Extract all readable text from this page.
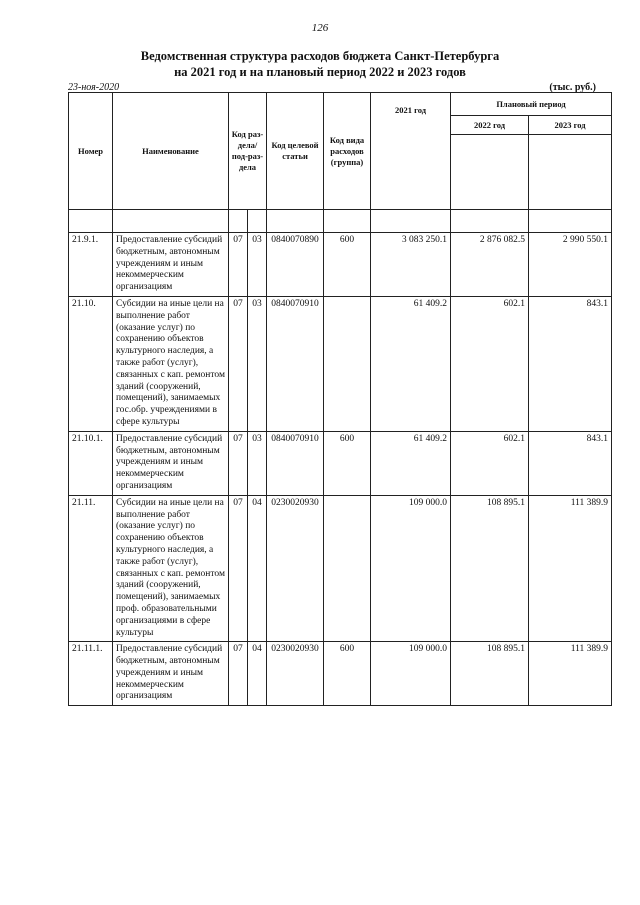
126
Ведомственная структура расходов бюджета Санкт-Петербурга
на 2021 год и на плановый период 2022 и 2023 годов
23-ноя-2020	(тыс. руб.)
Номер	Наименование	Код раз-дела/ под-раз-дела		Код целевой статьи	Код вида расходов (группа)	2021 год	Плановый период	
							2022 год	2023 год

21.9.1.	Предоставление субсидий бюджетным, автономным учреждениям и иным некоммерческим организациям	07	03	0840070890	600	3 083 250.1	2 876 082.5	2 990 550.1
21.10.	Субсидии на иные цели на выполнение работ (оказание услуг) по сохранению объектов культурного наследия, а также работ (услуг), связанных с кап. ремонтом зданий (сооружений, помещений), занимаемых гос.обр. учреждениями в сфере культуры	07	03	0840070910		61 409.2	602.1	843.1
21.10.1.	Предоставление субсидий бюджетным, автономным учреждениям и иным некоммерческим организациям	07	03	0840070910	600	61 409.2	602.1	843.1
21.11.	Субсидии на иные цели на выполнение работ (оказание услуг) по сохранению объектов культурного наследия, а также работ (услуг), связанных с кап. ремонтом зданий (сооружений, помещений), занимаемых проф. образовательными организациями в сфере культуры	07	04	0230020930		109 000.0	108 895.1	111 389.9
21.11.1.	Предоставление субсидий бюджетным, автономным учреждениям и иным некоммерческим организациям	07	04	0230020930	600	109 000.0	108 895.1	111 389.9
